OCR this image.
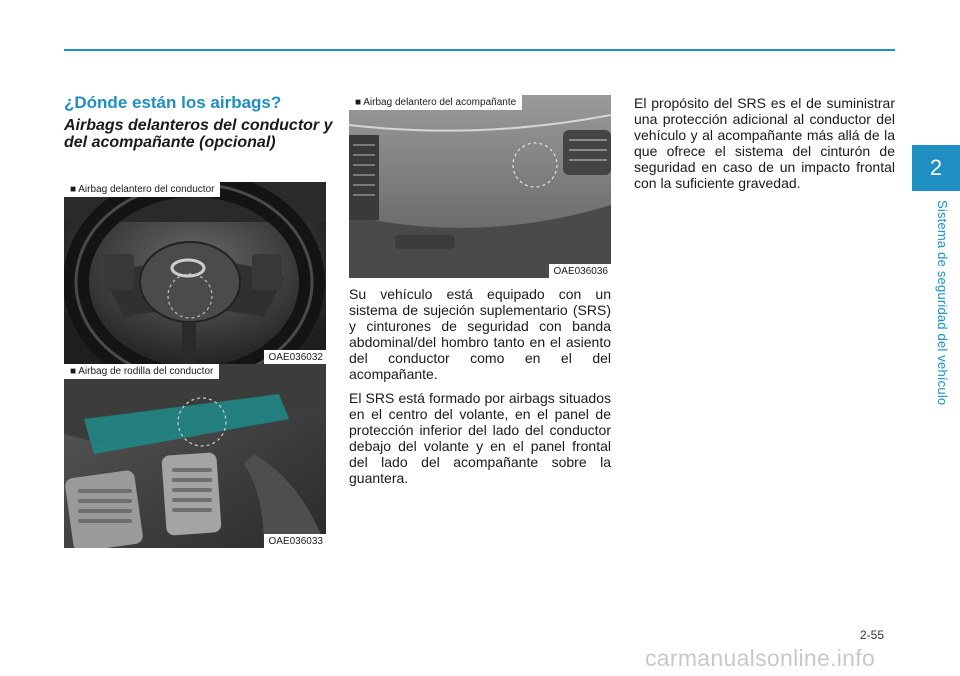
2
Sistema de seguridad del vehículo
¿Dónde están los airbags?
Airbags delanteros del conductor y del acompañante (opcional)
■ Airbag delantero del conductor
OAE036032
■ Airbag de rodilla del conductor
OAE036033
■ Airbag delantero del acompañante
OAE036036

Su vehículo está equipado con un sistema de sujeción suplementario (SRS) y cinturones de seguridad con banda abdominal/del hombro tanto en el asiento del conductor como en el del acompañante.

El SRS está formado por airbags situados en el centro del volante, en el panel de protección inferior del lado del conductor debajo del volante y en el panel frontal del lado del acompañante sobre la guantera.

El propósito del SRS es el de suministrar una protección adicional al conductor del vehículo y al acompañante más allá de la que ofrece el sistema del cinturón de seguridad en caso de un impacto frontal con la suficiente gravedad.

2-55
carmanualsonline.info
